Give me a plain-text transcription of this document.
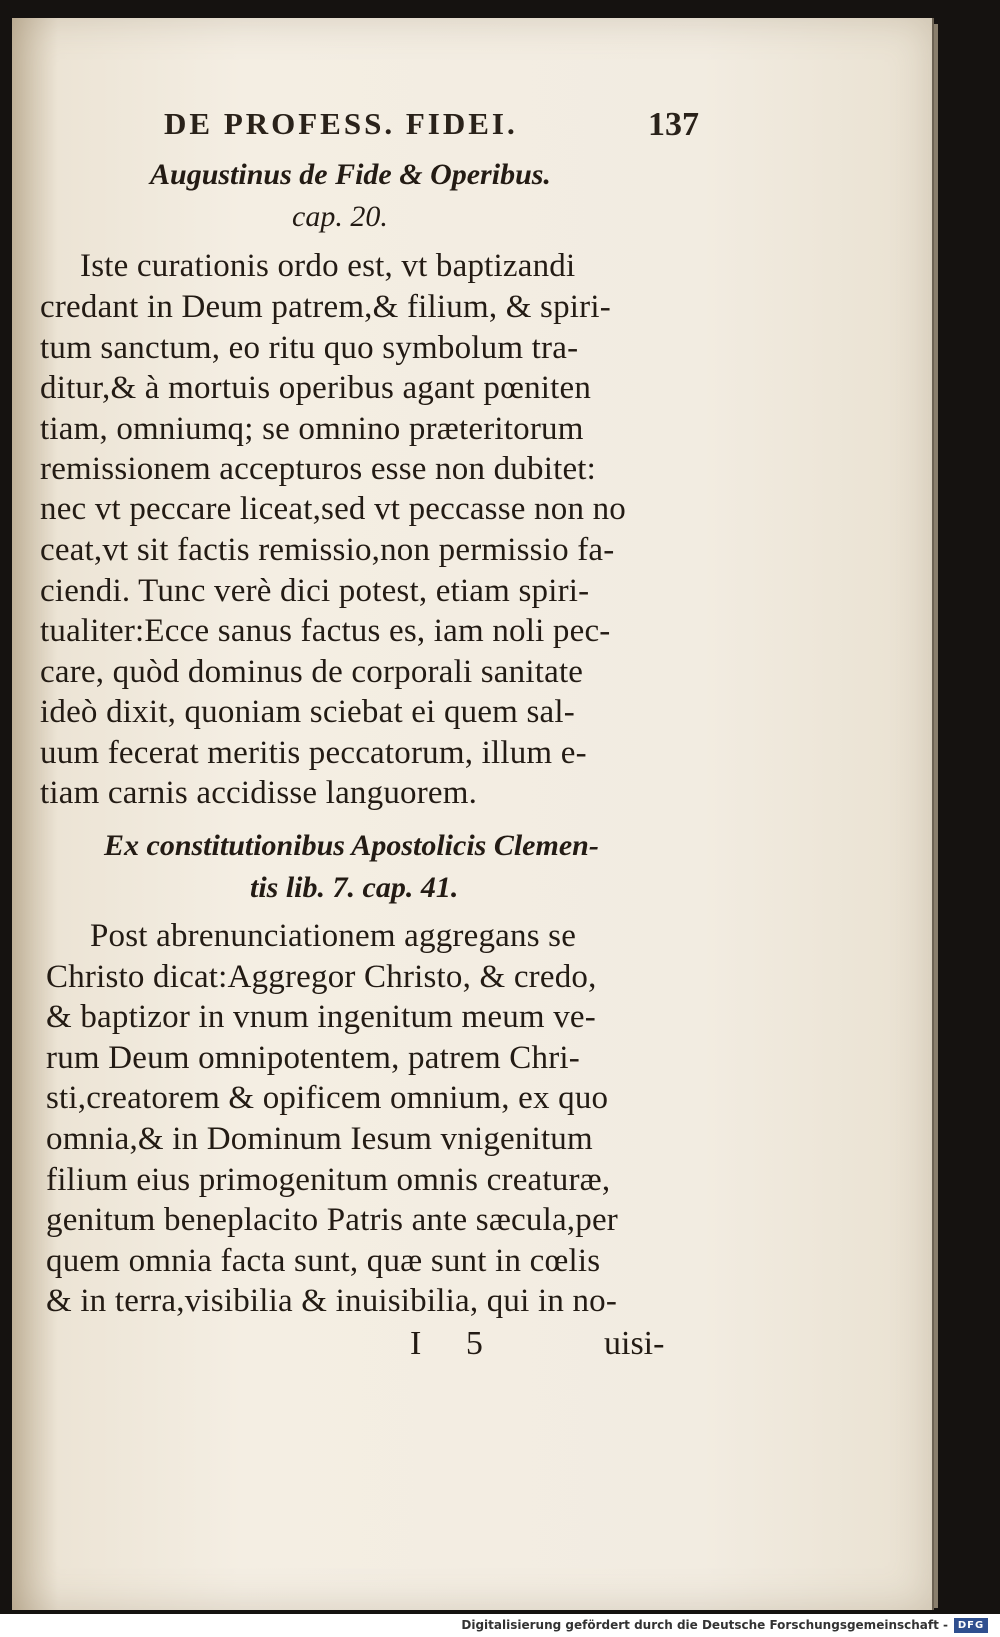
DE PROFESS. FIDEI.	137
Augustinus de Fide & Operibus.
cap. 20.
Iste curationis ordo est, vt baptizandi
credant in Deum patrem,& filium, & spiri-
tum sanctum, eo ritu quo symbolum tra-
ditur,& à mortuis operibus agant pœniten
tiam, omniumq; se omnino præteritorum
remissionem accepturos esse non dubitet:
nec vt peccare liceat,sed vt peccasse non no
ceat,vt sit factis remissio,non permissio fa-
ciendi. Tunc verè dici potest, etiam spiri-
tualiter:Ecce sanus factus es, iam noli pec-
care, quòd dominus de corporali sanitate
ideò dixit, quoniam sciebat ei quem sal-
uum fecerat meritis peccatorum, illum e-
tiam carnis accidisse languorem.
Ex constitutionibus Apostolicis Clemen-
tis lib. 7. cap. 41.
Post abrenunciationem aggregans se
Christo dicat:Aggregor Christo, & credo,
& baptizor in vnum ingenitum meum ve-
rum Deum omnipotentem, patrem Chri-
sti,creatorem & opificem omnium, ex quo
omnia,& in Dominum Iesum vnigenitum
filium eius primogenitum omnis creaturæ,
genitum beneplacito Patris ante sæcula,per
quem omnia facta sunt, quæ sunt in cœlis
& in terra,visibilia & inuisibilia, qui in no-
I 5	uisi-
Digitalisierung gefördert durch die Deutsche Forschungsgemeinschaft - DFG
